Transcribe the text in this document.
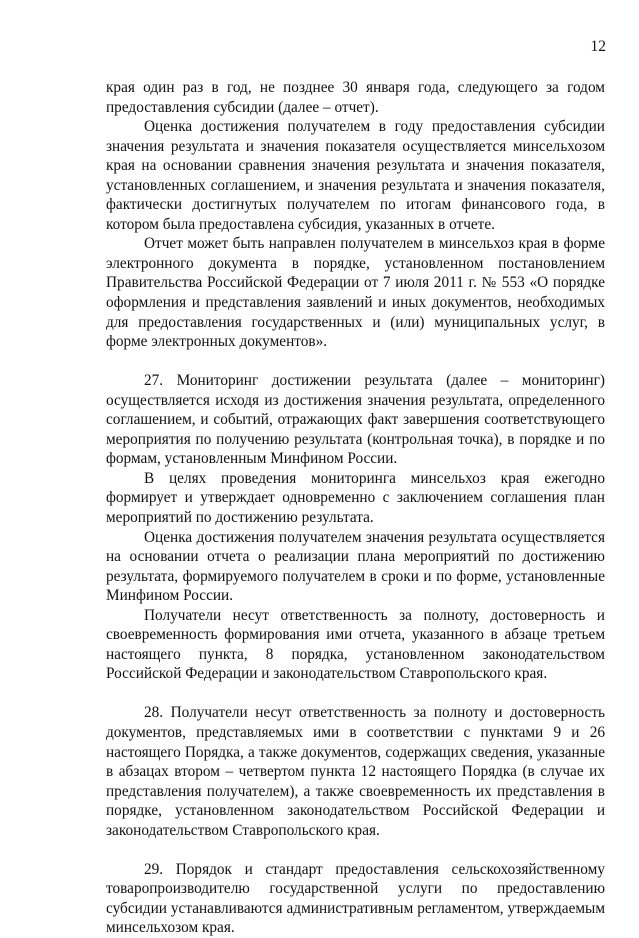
12

края один раз в год, не позднее 30 января года, следующего за годом предоставления субсидии (далее – отчет).

Оценка достижения получателем в году предоставления субсидии значения результата и значения показателя осуществляется минсельхозом края на основании сравнения значения результата и значения показателя, установленных соглашением, и значения результата и значения показателя, фактически достигнутых получателем по итогам финансового года, в котором была предоставлена субсидия, указанных в отчете.

Отчет может быть направлен получателем в минсельхоз края в форме электронного документа в порядке, установленном постановлением Правительства Российской Федерации от 7 июля 2011 г. № 553 «О порядке оформления и представления заявлений и иных документов, необходимых для предоставления государственных и (или) муниципальных услуг, в форме электронных документов».

27. Мониторинг достижении результата (далее – мониторинг) осуществляется исходя из достижения значения результата, определенного соглашением, и событий, отражающих факт завершения соответствующего мероприятия по получению результата (контрольная точка), в порядке и по формам, установленным Минфином России.

В целях проведения мониторинга минсельхоз края ежегодно формирует и утверждает одновременно с заключением соглашения план мероприятий по достижению результата.

Оценка достижения получателем значения результата осуществляется на основании отчета о реализации плана мероприятий по достижению результата, формируемого получателем в сроки и по форме, установленные Минфином России.

Получатели несут ответственность за полноту, достоверность и своевременность формирования ими отчета, указанного в абзаце третьем настоящего пункта, 8 порядка, установленном законодательством Российской Федерации и законодательством Ставропольского края.

28. Получатели несут ответственность за полноту и достоверность документов, представляемых ими в соответствии с пунктами 9 и 26 настоящего Порядка, а также документов, содержащих сведения, указанные в абзацах втором – четвертом пункта 12 настоящего Порядка (в случае их представления получателем), а также своевременность их представления в порядке, установленном законодательством Российской Федерации и законодательством Ставропольского края.

29. Порядок и стандарт предоставления сельскохозяйственному товаропроизводителю государственной услуги по предоставлению субсидии устанавливаются административным регламентом, утверждаемым минсельхозом края.
